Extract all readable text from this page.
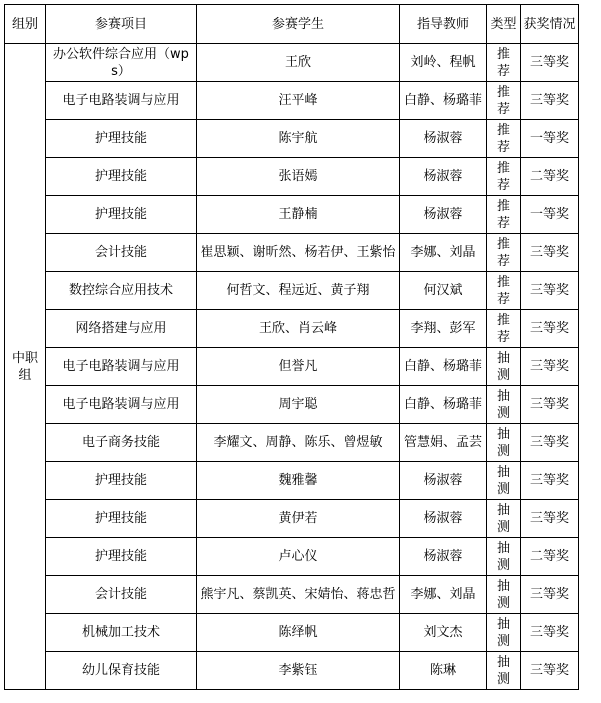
组别	参赛项目	参赛学生	指导教师	类型	获奖情况
中职组	办公软件综合应用（wps）	王欣	刘岭、程帆	推荐	三等奖
	电子电路装调与应用	汪平峰	白静、杨璐菲	推荐	三等奖
	护理技能	陈宇航	杨淑蓉	推荐	一等奖
	护理技能	张语嫣	杨淑蓉	推荐	二等奖
	护理技能	王静楠	杨淑蓉	推荐	一等奖
	会计技能	崔思颖、谢昕然、杨若伊、王紫怡	李娜、刘晶	推荐	三等奖
	数控综合应用技术	何哲文、程远近、黄子翔	何汉斌	推荐	三等奖
	网络搭建与应用	王欣、肖云峰	李翔、彭军	推荐	三等奖
	电子电路装调与应用	但誉凡	白静、杨璐菲	抽测	三等奖
	电子电路装调与应用	周宇聪	白静、杨璐菲	抽测	三等奖
	电子商务技能	李耀文、周静、陈乐、曾煜敏	管慧娟、孟芸	抽测	三等奖
	护理技能	魏雅馨	杨淑蓉	抽测	三等奖
	护理技能	黄伊若	杨淑蓉	抽测	三等奖
	护理技能	卢心仪	杨淑蓉	抽测	二等奖
	会计技能	熊宇凡、蔡凯英、宋婧怡、蒋忠哲	李娜、刘晶	抽测	三等奖
	机械加工技术	陈绎帆	刘文杰	抽测	三等奖
	幼儿保育技能	李紫钰	陈琳	抽测	三等奖
